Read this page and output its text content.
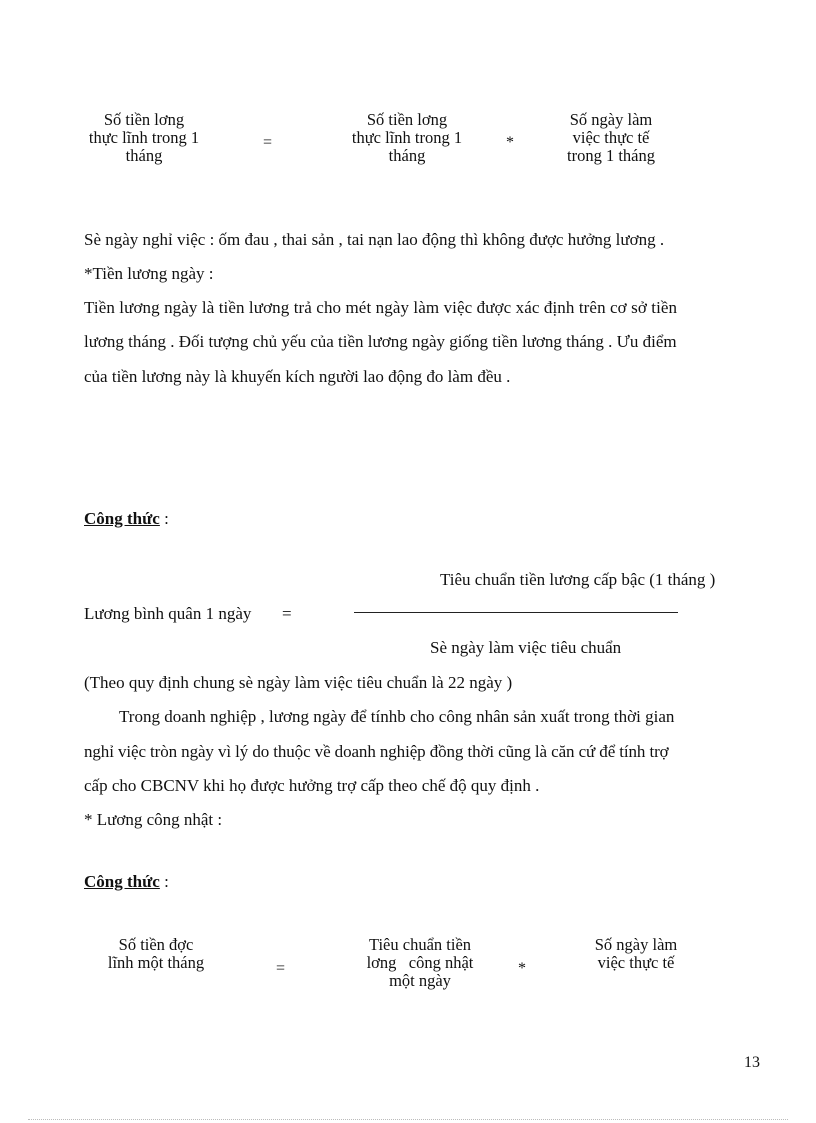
Số tiền lơng
thực lĩnh trong 1
tháng
=
Số tiền lơng
thực lĩnh trong 1
tháng
*
Số ngày làm
việc thực tế
trong 1 tháng
Sè ngày nghỉ việc : ốm đau , thai sản , tai nạn lao động thì không được hưởng lương .
*Tiền lương ngày :
Tiền lương ngày là tiền lương trả cho mét ngày làm việc được xác định trên cơ sở tiền
lương tháng . Đối tượng chủ yếu của tiền lương ngày giống tiền lương tháng . Ưu điểm
của tiền lương này là khuyến kích người lao động đo làm đều .
Công thức :
Tiêu chuẩn tiền lương cấp bậc (1 tháng )
Lương bình quân 1 ngày =
Sè ngày làm việc tiêu chuẩn
(Theo quy định chung sè ngày làm việc tiêu chuẩn là 22 ngày )
Trong doanh nghiệp , lương ngày để tínhb cho công nhân sản xuất trong thời gian
nghỉ việc tròn ngày vì lý do thuộc về doanh nghiệp đồng thời cũng là căn cứ để tính trợ
cấp cho CBCNV khi họ được hưởng trợ cấp theo chế độ quy định .
* Lương công nhật :
Công thức :
Số tiền đợc
lĩnh một tháng	=
Tiêu chuẩn tiền
lơng   công nhật
một ngày
*
Số ngày làm
việc thực tế
13
